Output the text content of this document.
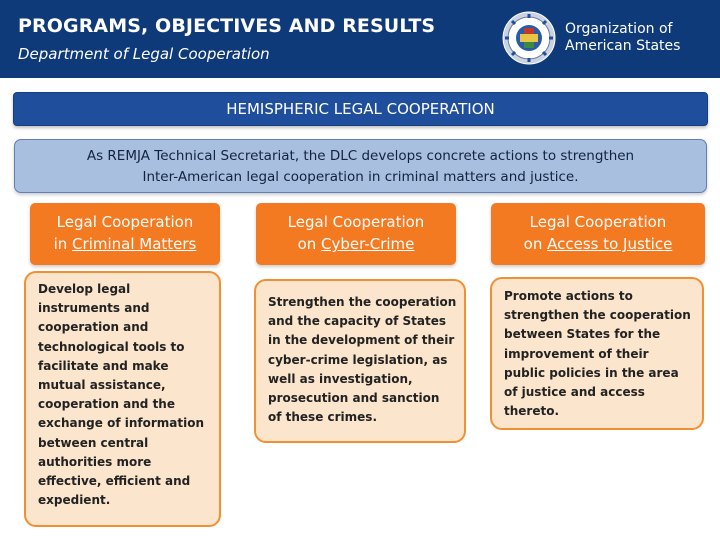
PROGRAMS, OBJECTIVES AND RESULTS
Department of Legal Cooperation
Organization of
American States
HEMISPHERIC LEGAL COOPERATION
As REMJA Technical Secretariat, the DLC develops concrete actions to strengthen
Inter-American legal cooperation in criminal matters and justice.
Legal Cooperation
in Criminal Matters
Develop legal
instruments and
cooperation and
technological tools to
facilitate and make
mutual assistance,
cooperation and the
exchange of information
between central
authorities more
effective, efficient and
expedient.
Legal Cooperation
on Cyber-Crime
Strengthen the cooperation
and the capacity of States
in the development of their
cyber-crime legislation, as
well as investigation,
prosecution and sanction
of these crimes.
Legal Cooperation
on Access to Justice
Promote actions to
strengthen the cooperation
between States for the
improvement of their
public policies in the area
of justice and access
thereto.
